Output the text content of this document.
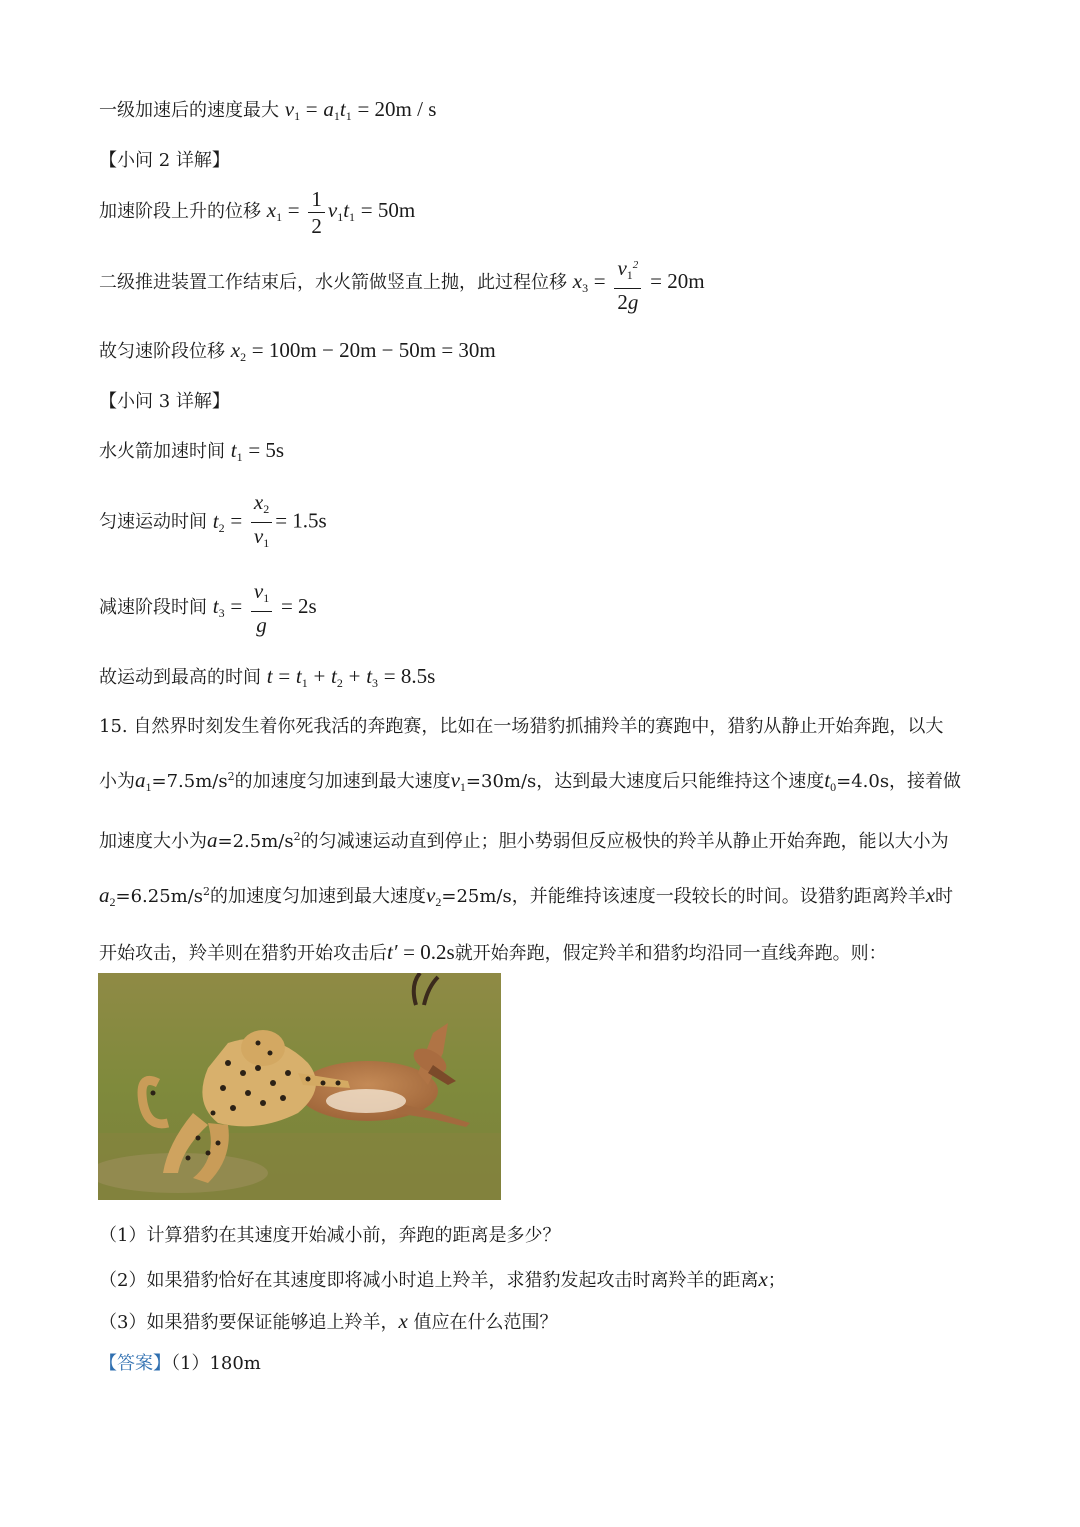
一级加速后的速度最大 $v_1 = a_1t_1 = 20m / s$
【小问 2 详解】
加速阶段上升的位移 $x_1 = \frac{1}{2} v_1t_1 = 50m$
二级推进装置工作结束后，水火箭做竖直上抛，此过程位移 $x_3 = \frac{v_1^2}{2g} = 20m$
故匀速阶段位移 $x_2 = 100m - 20m - 50m = 30m$
【小问 3 详解】
水火箭加速时间 $t_1 = 5s$
匀速运动时间 $t_2 = \frac{x_2}{v_1} = 1.5s$
减速阶段时间 $t_3 = \frac{v_1}{g} = 2s$
故运动到最高的时间 $t = t_1 + t_2 + t_3 = 8.5s$
15. 自然界时刻发生着你死我活的奔跑赛，比如在一场猎豹抓捕羚羊的赛跑中，猎豹从静止开始奔跑，以大
小为$a_1=7.5m/s^2$的加速度匀加速到最大速度$v_1=30m/s$，达到最大速度后只能维持这个速度$t_0=4.0s$，接着做
加速度大小为$a=2.5m/s^2$的匀减速运动直到停止；胆小势弱但反应极快的羚羊从静止开始奔跑，能以大小为
$a_2=6.25m/s^2$的加速度匀加速到最大速度$v_2=25m/s$，并能维持该速度一段较长的时间。设猎豹距离羚羊x时
开始攻击，羚羊则在猎豹开始攻击后t′ = 0.2s就开始奔跑，假定羚羊和猎豹均沿同一直线奔跑。则：
（1）计算猎豹在其速度开始减小前，奔跑的距离是多少？
（2）如果猎豹恰好在其速度即将减小时追上羚羊，求猎豹发起攻击时离羚羊的距离x；
（3）如果猎豹要保证能够追上羚羊，x 值应在什么范围？
【答案】（1）180m
